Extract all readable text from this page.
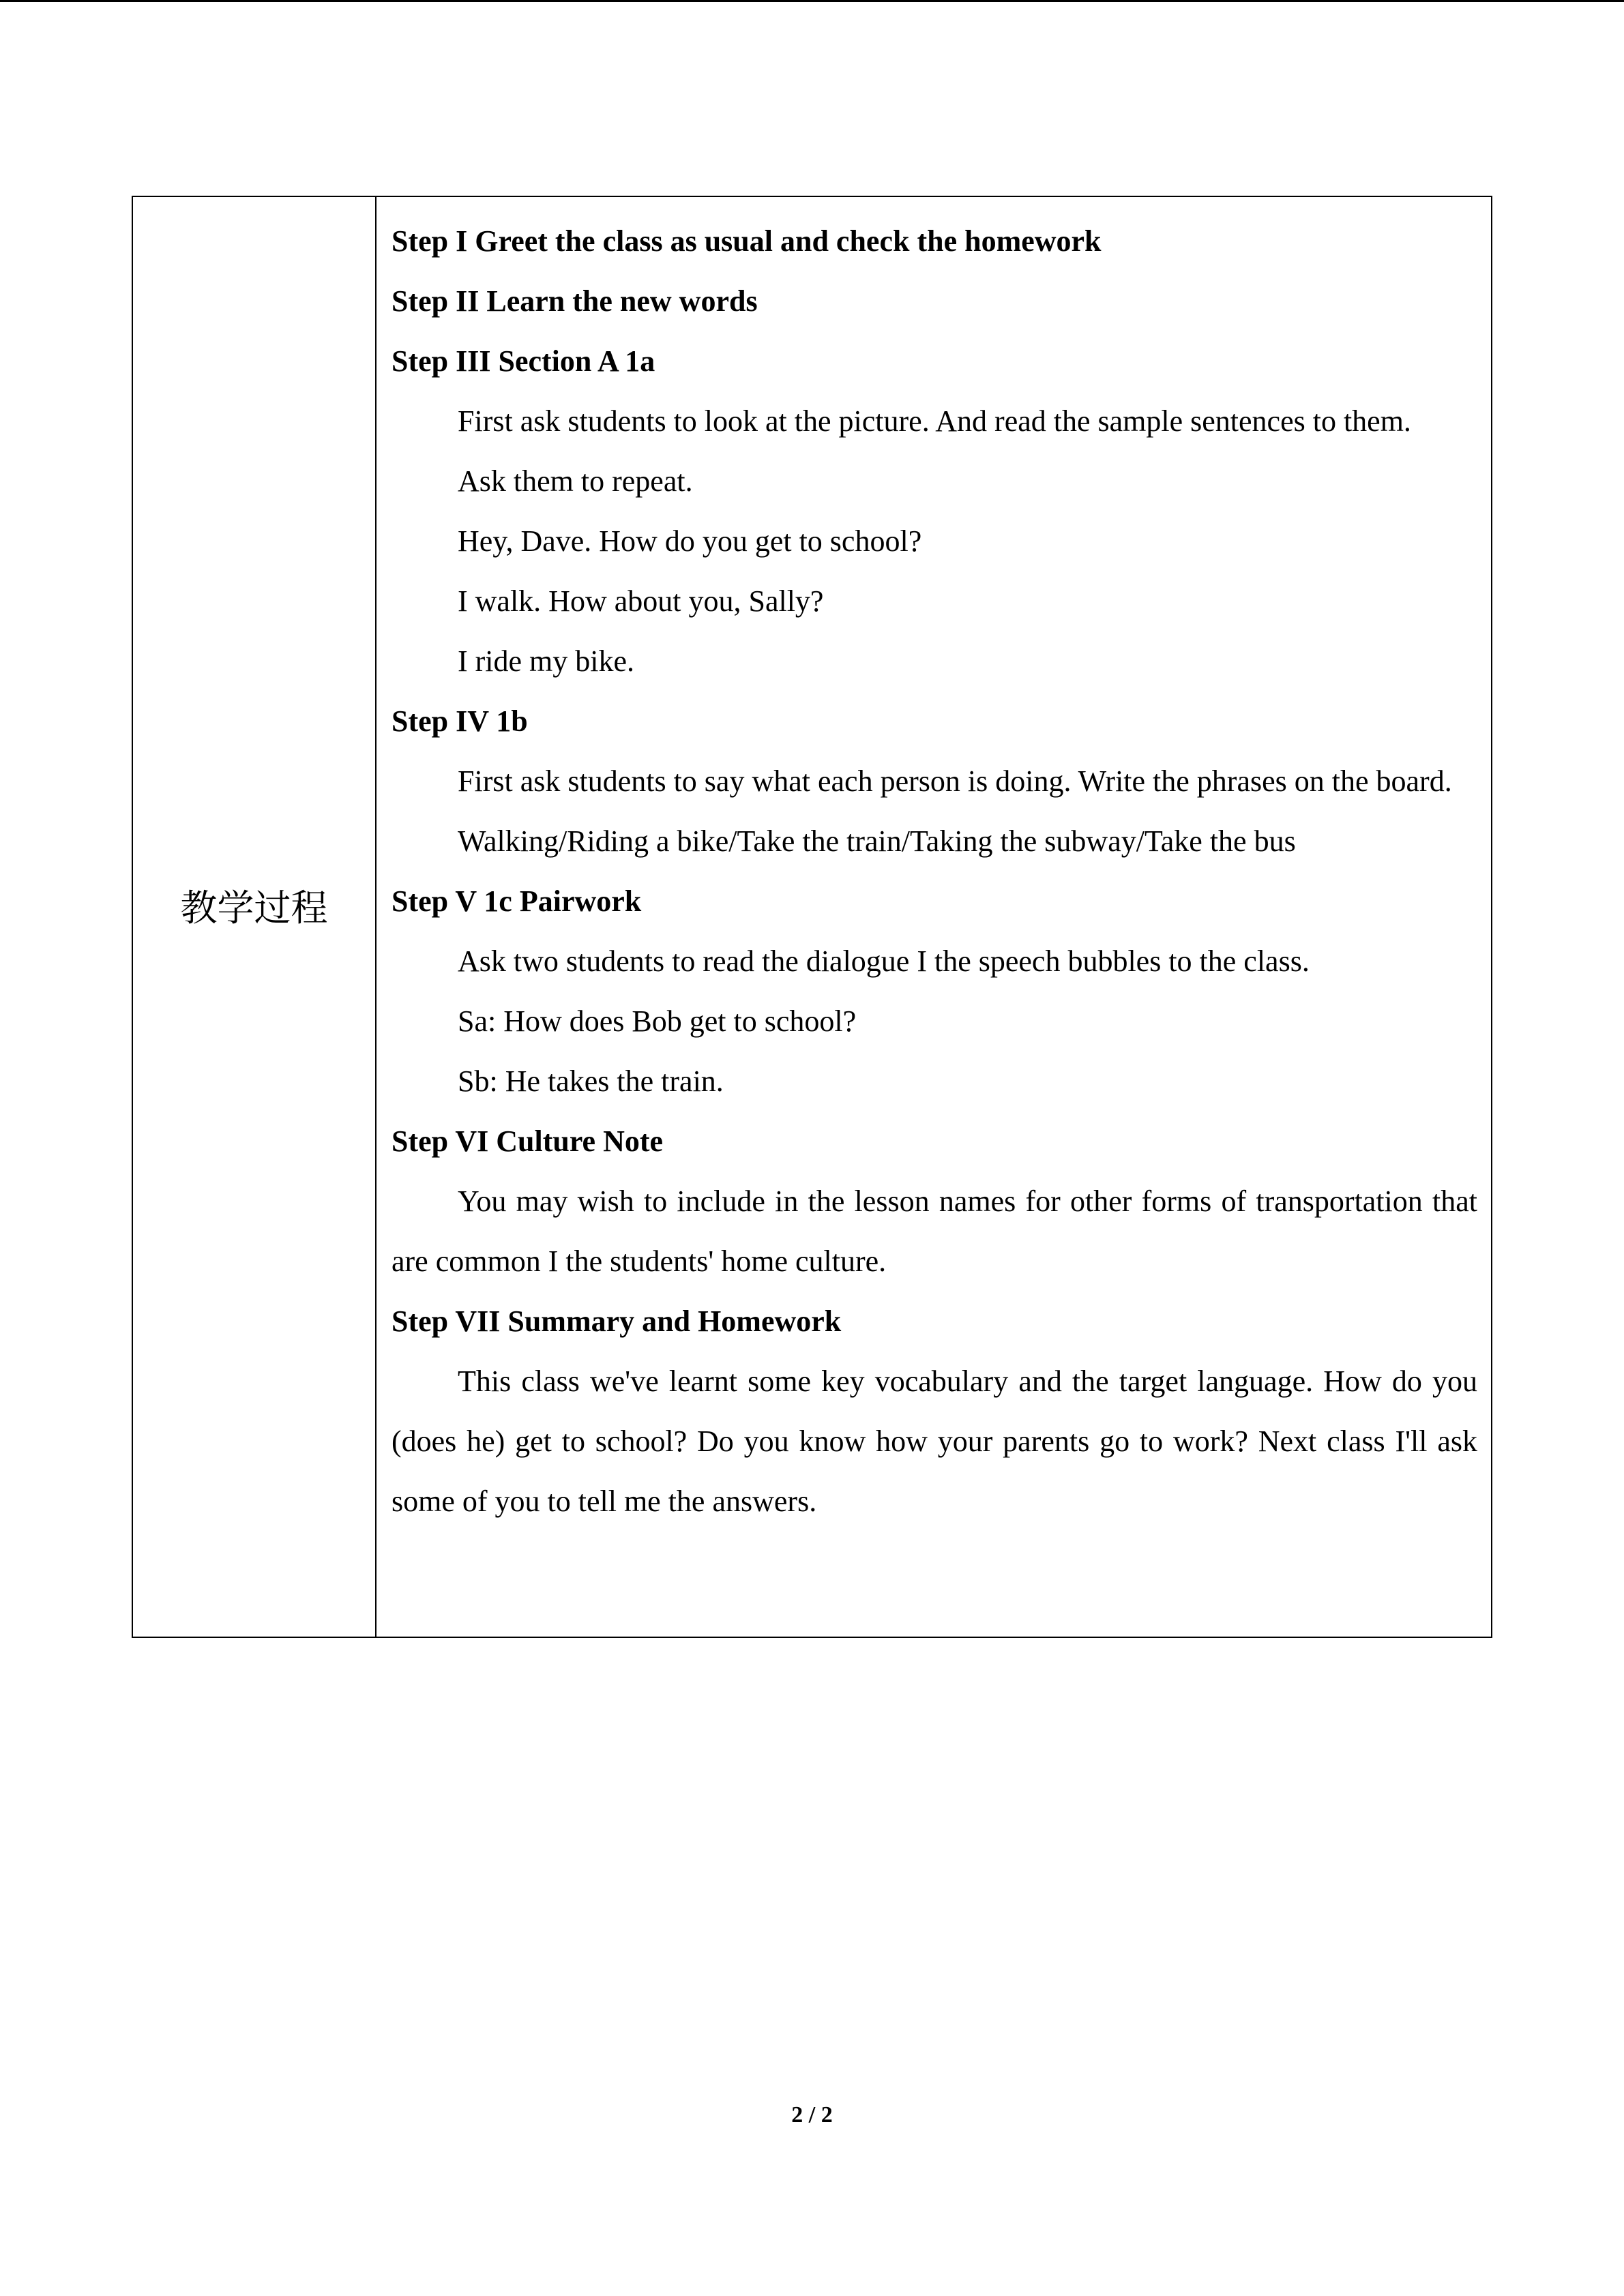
教学过程

Step I Greet the class as usual and check the homework

Step II Learn the new words

Step III Section A 1a

First ask students to look at the picture. And read the sample sentences to them.

Ask them to repeat.

Hey, Dave. How do you get to school?

I walk. How about you, Sally?

I ride my bike.

Step IV 1b

First ask students to say what each person is doing. Write the phrases on the board.

Walking/Riding a bike/Take the train/Taking the subway/Take the bus

Step V 1c Pairwork

Ask two students to read the dialogue I the speech bubbles to the class.

Sa: How does Bob get to school?

Sb: He takes the train.

Step VI Culture Note

You may wish to include in the lesson names for other forms of transportation that are common I the students' home culture.

Step VII Summary and Homework

This class we've learnt some key vocabulary and the target language. How do you (does he) get to school? Do you know how your parents go to work? Next class I'll ask some of you to tell me the answers.

2 / 2
